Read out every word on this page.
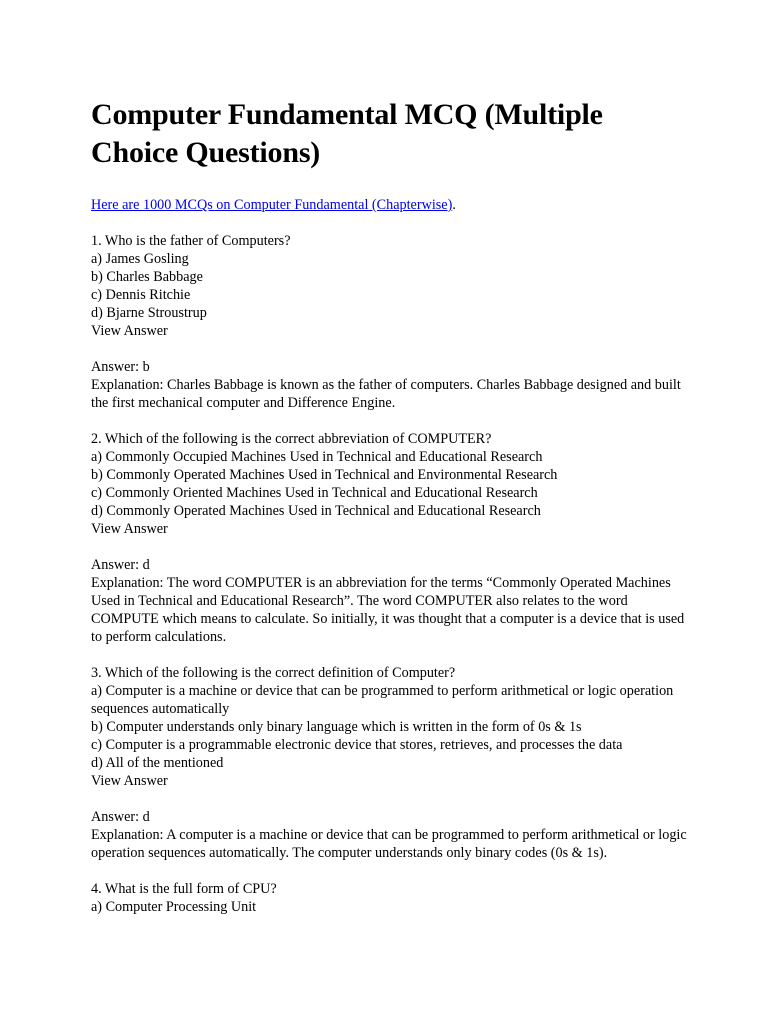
Computer Fundamental MCQ (Multiple Choice Questions)
Here are 1000 MCQs on Computer Fundamental (Chapterwise).
1. Who is the father of Computers?
a) James Gosling
b) Charles Babbage
c) Dennis Ritchie
d) Bjarne Stroustrup
View Answer
Answer: b
Explanation: Charles Babbage is known as the father of computers. Charles Babbage designed and built the first mechanical computer and Difference Engine.
2. Which of the following is the correct abbreviation of COMPUTER?
a) Commonly Occupied Machines Used in Technical and Educational Research
b) Commonly Operated Machines Used in Technical and Environmental Research
c) Commonly Oriented Machines Used in Technical and Educational Research
d) Commonly Operated Machines Used in Technical and Educational Research
View Answer
Answer: d
Explanation: The word COMPUTER is an abbreviation for the terms “Commonly Operated Machines Used in Technical and Educational Research”. The word COMPUTER also relates to the word COMPUTE which means to calculate. So initially, it was thought that a computer is a device that is used to perform calculations.
3. Which of the following is the correct definition of Computer?
a) Computer is a machine or device that can be programmed to perform arithmetical or logic operation sequences automatically
b) Computer understands only binary language which is written in the form of 0s & 1s
c) Computer is a programmable electronic device that stores, retrieves, and processes the data
d) All of the mentioned
View Answer
Answer: d
Explanation: A computer is a machine or device that can be programmed to perform arithmetical or logic operation sequences automatically. The computer understands only binary codes (0s & 1s).
4. What is the full form of CPU?
a) Computer Processing Unit
